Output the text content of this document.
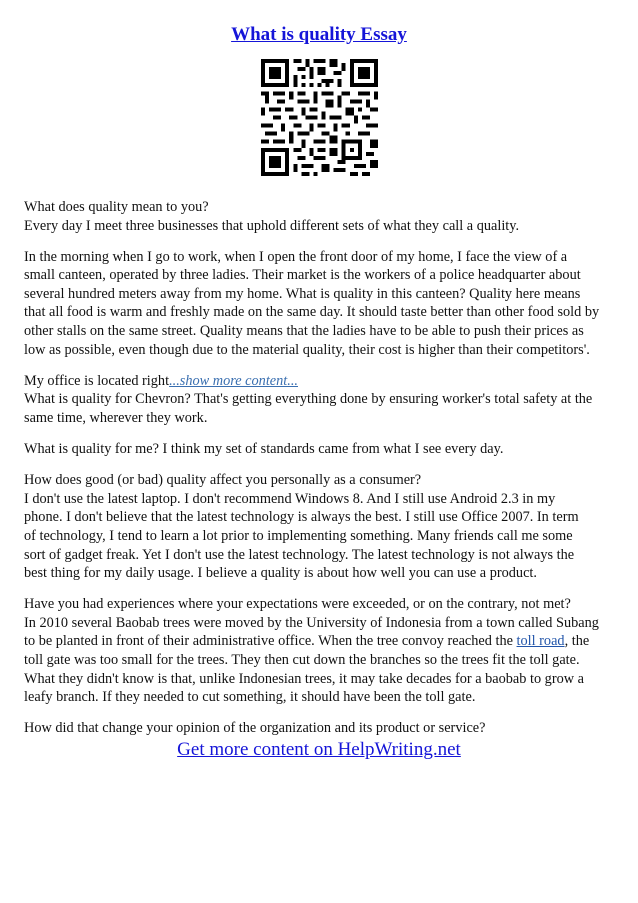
What is quality Essay

What does quality mean to you?
Every day I meet three businesses that uphold different sets of what they call a quality.

In the morning when I go to work, when I open the front door of my home, I face the view of a
small canteen, operated by three ladies. Their market is the workers of a police headquarter about
several hundred meters away from my home. What is quality in this canteen? Quality here means
that all food is warm and freshly made on the same day. It should taste better than other food sold by
other stalls on the same street. Quality means that the ladies have to be able to push their prices as
low as possible, even though due to the material quality, their cost is higher than their competitors'.

My office is located right...show more content...
What is quality for Chevron? That's getting everything done by ensuring worker's total safety at the
same time, wherever they work.

What is quality for me? I think my set of standards came from what I see every day.

How does good (or bad) quality affect you personally as a consumer?
I don't use the latest laptop. I don't recommend Windows 8. And I still use Android 2.3 in my
phone. I don't believe that the latest technology is always the best. I still use Office 2007. In term
of technology, I tend to learn a lot prior to implementing something. Many friends call me some
sort of gadget freak. Yet I don't use the latest technology. The latest technology is not always the
best thing for my daily usage. I believe a quality is about how well you can use a product.

Have you had experiences where your expectations were exceeded, or on the contrary, not met?
In 2010 several Baobab trees were moved by the University of Indonesia from a town called Subang
to be planted in front of their administrative office. When the tree convoy reached the toll road, the
toll gate was too small for the trees. They then cut down the branches so the trees fit the toll gate.
What they didn't know is that, unlike Indonesian trees, it may take decades for a baobab to grow a
leafy branch. If they needed to cut something, it should have been the toll gate.

How did that change your opinion of the organization and its product or service?

Get more content on HelpWriting.net
